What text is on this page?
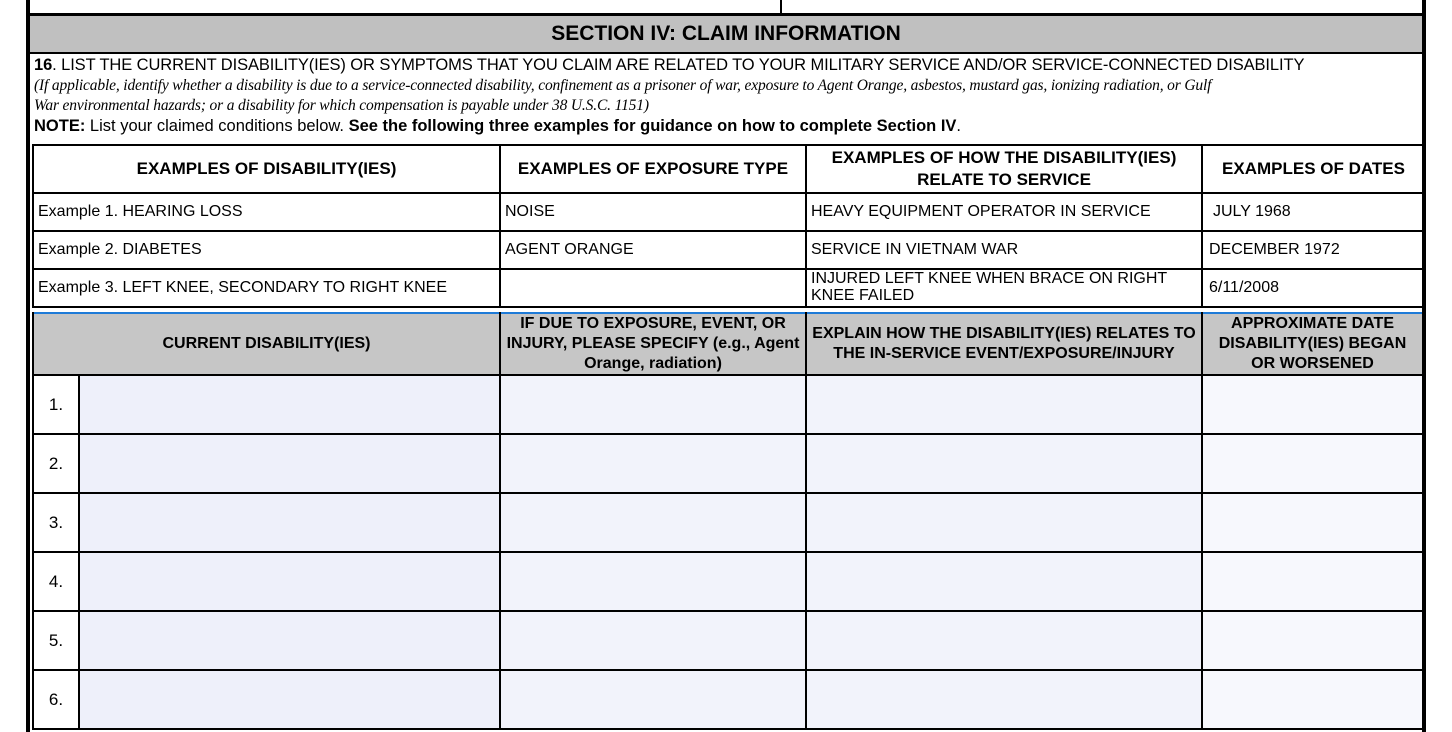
SECTION IV: CLAIM INFORMATION
16. LIST THE CURRENT DISABILITY(IES) OR SYMPTOMS THAT YOU CLAIM ARE RELATED TO YOUR MILITARY SERVICE AND/OR SERVICE-CONNECTED DISABILITY
(If applicable, identify whether a disability is due to a service-connected disability, confinement as a prisoner of war, exposure to Agent Orange, asbestos, mustard gas, ionizing radiation, or Gulf
War environmental hazards; or a disability for which compensation is payable under 38 U.S.C. 1151)
NOTE: List your claimed conditions below. See the following three examples for guidance on how to complete Section IV.
EXAMPLES OF DISABILITY(IES)	EXAMPLES OF EXPOSURE TYPE	EXAMPLES OF HOW THE DISABILITY(IES) RELATE TO SERVICE	EXAMPLES OF DATES
Example 1. HEARING LOSS	NOISE	HEAVY EQUIPMENT OPERATOR IN SERVICE	JULY 1968
Example 2. DIABETES	AGENT ORANGE	SERVICE IN VIETNAM WAR	DECEMBER 1972
Example 3. LEFT KNEE, SECONDARY TO RIGHT KNEE		INJURED LEFT KNEE WHEN BRACE ON RIGHT KNEE FAILED	6/11/2008
CURRENT DISABILITY(IES)		IF DUE TO EXPOSURE, EVENT, OR INJURY, PLEASE SPECIFY (e.g., Agent Orange, radiation)	EXPLAIN HOW THE DISABILITY(IES) RELATES TO THE IN-SERVICE EVENT/EXPOSURE/INJURY	APPROXIMATE DATE DISABILITY(IES) BEGAN OR WORSENED
1.				
2.				
3.				
4.				
5.				
6.				
